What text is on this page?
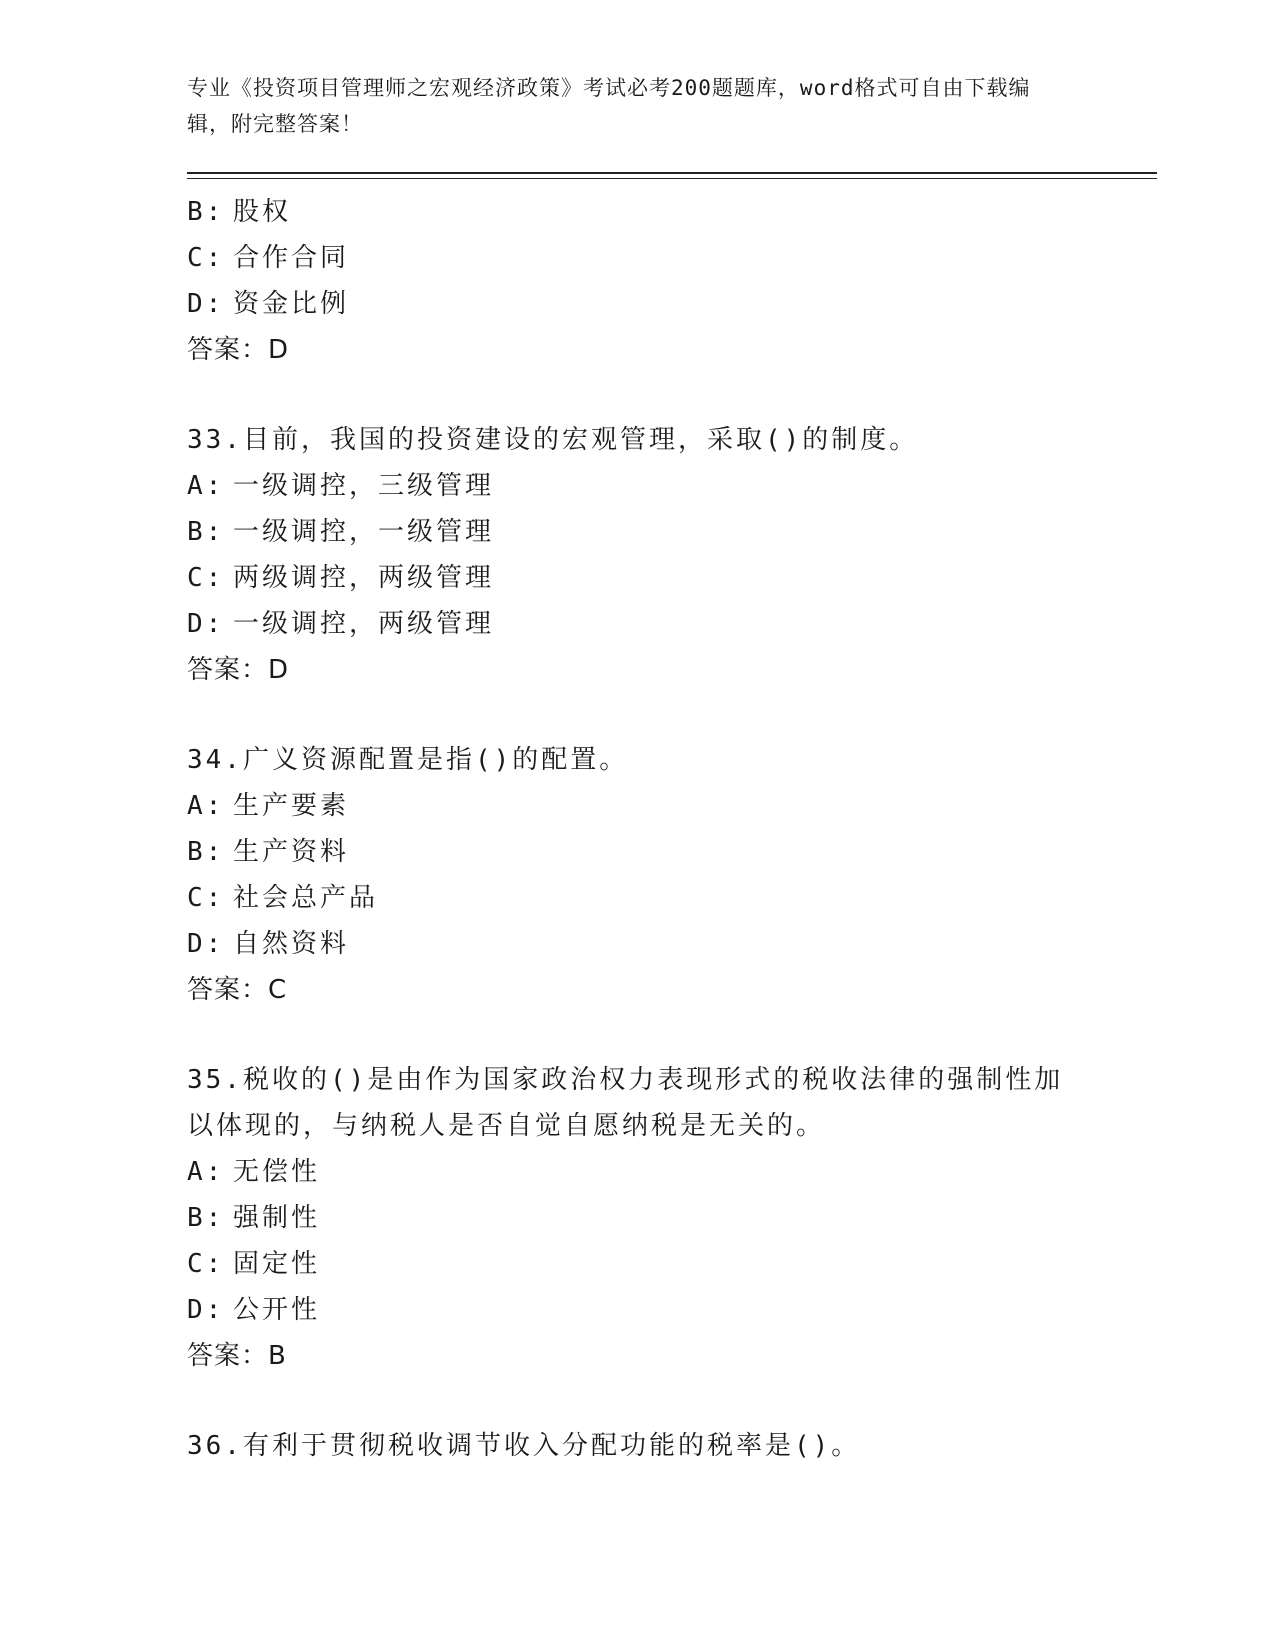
专业《投资项目管理师之宏观经济政策》考试必考200题题库，word格式可自由下载编辑，附完整答案！
B: 股权
C: 合作合同
D: 资金比例
答案：D
33.目前，我国的投资建设的宏观管理，采取()的制度。
A: 一级调控，三级管理
B: 一级调控，一级管理
C: 两级调控，两级管理
D: 一级调控，两级管理
答案：D
34.广义资源配置是指()的配置。
A: 生产要素
B: 生产资料
C: 社会总产品
D: 自然资料
答案：C
35.税收的()是由作为国家政治权力表现形式的税收法律的强制性加以体现的，与纳税人是否自觉自愿纳税是无关的。
A: 无偿性
B: 强制性
C: 固定性
D: 公开性
答案：B
36.有利于贯彻税收调节收入分配功能的税率是()。
